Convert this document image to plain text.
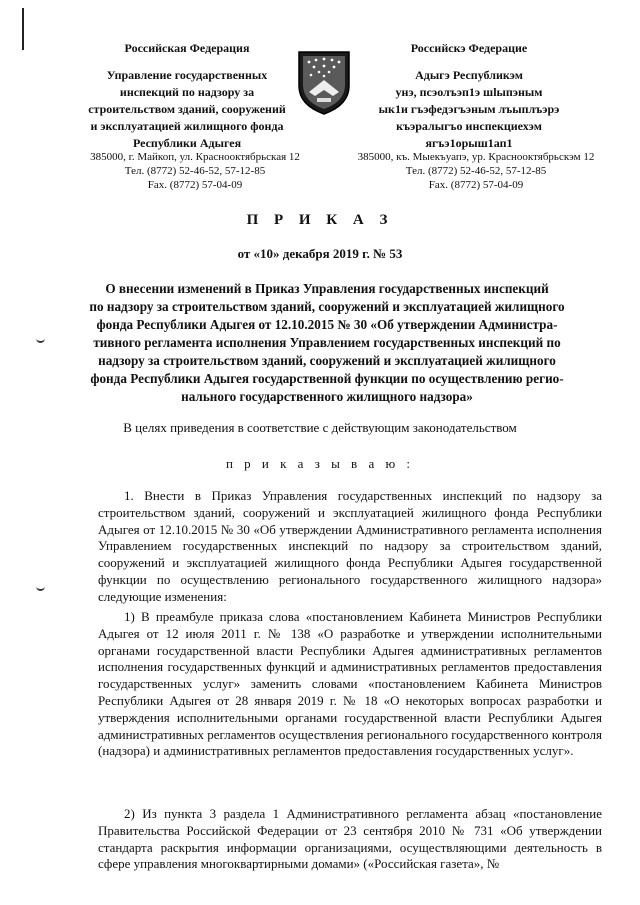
Российская Федерация
Управление государственных
инспекций по надзору за
строительством зданий, сооружений
и эксплуатацией жилищного фонда
Республики Адыгея
Российскэ Федерацие
Адыгэ Республикэм
унэ, псэолъэп1э шlыпэным
ык1и гъэфедэгъэным лъыплъэрэ
къэралыгъо инспекциехэм
ягъэ1орыш1ап1
385000, г. Майкоп, ул. Краснооктябрьская 12
Тел. (8772) 52-46-52, 57-12-85
Fax. (8772) 57-04-09
385000, къ. Мыекъуапэ, ур. Краснооктябрьскэм 12
Тел. (8772) 52-46-52, 57-12-85
Fax. (8772) 57-04-09
П Р И К А З
от «10» декабря 2019 г. № 53
О внесении изменений в Приказ Управления государственных инспекций
по надзору за строительством зданий, сооружений и эксплуатацией жилищного
фонда Республики Адыгея от 12.10.2015 № 30 «Об утверждении Администра-
тивного регламента исполнения Управлением государственных инспекций по
надзору за строительством зданий, сооружений и эксплуатацией жилищного
фонда Республики Адыгея государственной функции по осуществлению регио-
нального государственного жилищного надзора»
В целях приведения в соответствие с действующим законодательством
п р и к а з ы в а ю :

1. Внести в Приказ Управления государственных инспекций по надзору за строительством зданий, сооружений и эксплуатацией жилищного фонда Республики Адыгея от 12.10.2015 № 30 «Об утверждении Административного регламента исполнения Управлением государственных инспекций по надзору за строительством зданий, сооружений и эксплуатацией жилищного фонда Республики Адыгея государственной функции по осуществлению регионального государственного жилищного надзора» следующие изменения:

1) В преамбуле приказа слова «постановлением Кабинета Министров Республики Адыгея от 12 июля 2011 г. № 138 «О разработке и утверждении исполнительными органами государственной власти Республики Адыгея административных регламентов исполнения государственных функций и административных регламентов предоставления государственных услуг» заменить словами «постановлением Кабинета Министров Республики Адыгея от 28 января 2019 г. № 18 «О некоторых вопросах разработки и утверждения исполнительными органами государственной власти Республики Адыгея административных регламентов осуществления регионального государственного контроля (надзора) и административных регламентов предоставления государственных услуг».

2) Из пункта 3 раздела 1 Административного регламента абзац «постановление Правительства Российской Федерации от 23 сентября 2010 № 731 «Об утверждении стандарта раскрытия информации организациями, осуществляющими деятельность в сфере управления многоквартирными домами» («Российская газета», №
